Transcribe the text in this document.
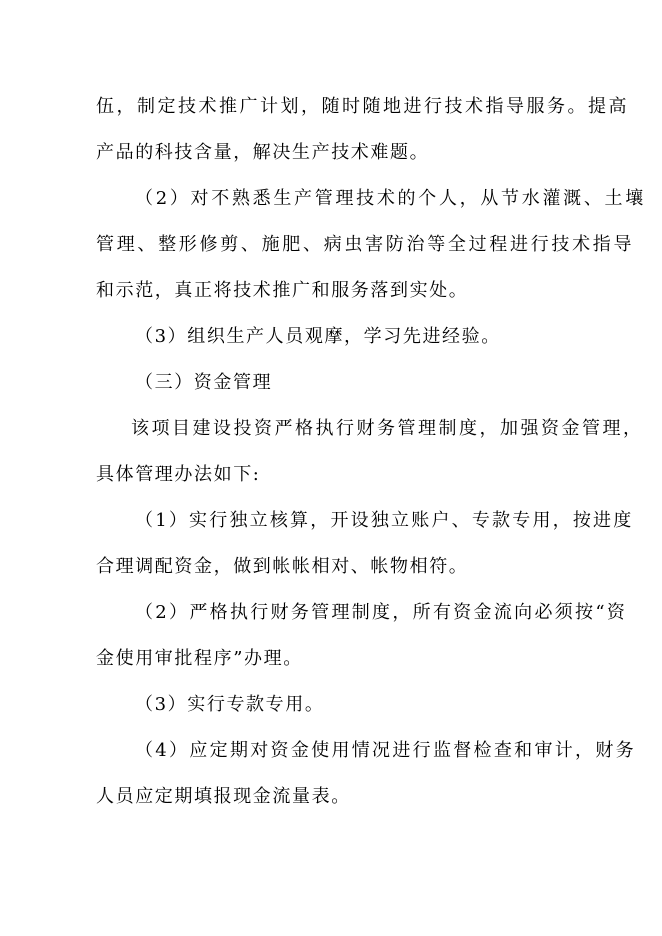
伍，制定技术推广计划，随时随地进行技术指导服务。提高
产品的科技含量，解决生产技术难题。
（2）对不熟悉生产管理技术的个人，从节水灌溉、土壤
管理、整形修剪、施肥、病虫害防治等全过程进行技术指导
和示范，真正将技术推广和服务落到实处。
（3）组织生产人员观摩，学习先进经验。
（三）资金管理
该项目建设投资严格执行财务管理制度，加强资金管理，
具体管理办法如下:
（1）实行独立核算，开设独立账户、专款专用，按进度
合理调配资金，做到帐帐相对、帐物相符。
（2）严格执行财务管理制度，所有资金流向必须按“资
金使用审批程序”办理。
（3）实行专款专用。
（4）应定期对资金使用情况进行监督检查和审计，财务
人员应定期填报现金流量表。
